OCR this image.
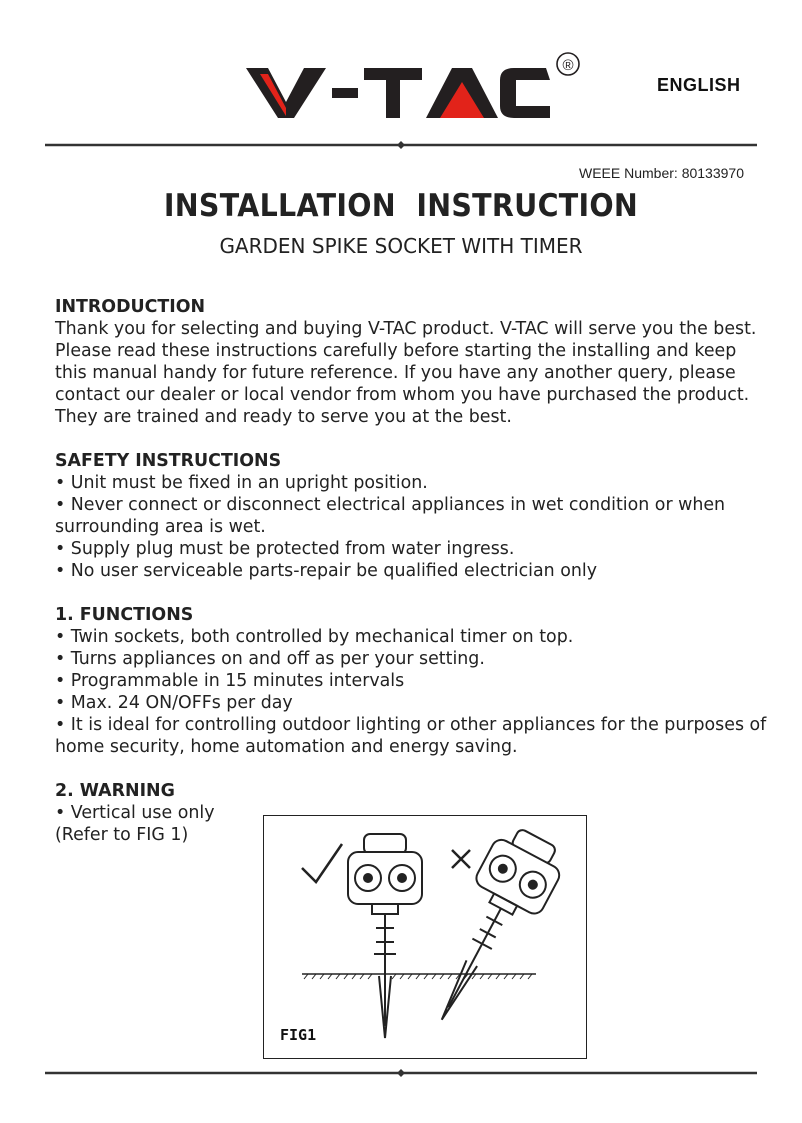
®
ENGLISH
WEEE Number: 80133970
INSTALLATION  INSTRUCTION
GARDEN SPIKE SOCKET WITH TIMER
INTRODUCTION

Thank you for selecting and buying V-TAC product. V-TAC will serve you the best. Please read these instructions carefully before starting the installing and keep this manual handy for future reference. If you have any another query, please contact our dealer or local vendor from whom you have purchased the product. They are trained and ready to serve you at the best.

SAFETY INSTRUCTIONS

• Unit must be fixed in an upright position.

• Never connect or disconnect electrical appliances in wet condition or when surrounding area is wet.

• Supply plug must be protected from water ingress.

• No user serviceable parts-repair be qualified electrician only

1. FUNCTIONS

• Twin sockets, both controlled by mechanical timer on top.

• Turns appliances on and off as per your setting.

• Programmable in 15 minutes intervals

• Max. 24 ON/OFFs per day

• It is ideal for controlling outdoor lighting or other appliances for the purposes of home security, home automation and energy saving.

2. WARNING

• Vertical use only

(Refer to FIG 1)

FIG1
